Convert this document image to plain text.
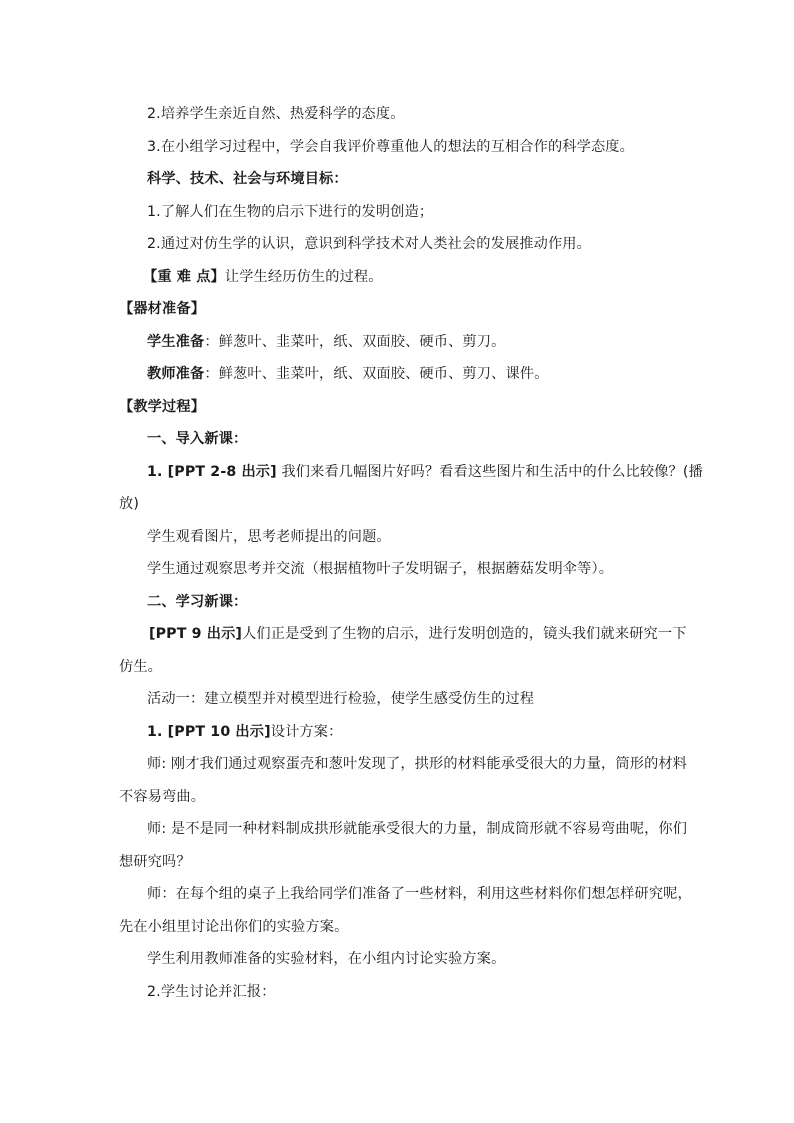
2.培养学生亲近自然、热爱科学的态度。
3.在小组学习过程中，学会自我评价尊重他人的想法的互相合作的科学态度。
科学、技术、社会与环境目标：
1.了解人们在生物的启示下进行的发明创造；
2.通过对仿生学的认识，意识到科学技术对人类社会的发展推动作用。
【重 难 点】让学生经历仿生的过程。
【器材准备】
学生准备：鲜葱叶、韭菜叶，纸、双面胶、硬币、剪刀。
教师准备：鲜葱叶、韭菜叶，纸、双面胶、硬币、剪刀、课件。
【教学过程】
一、导入新课：
1. [PPT 2-8 出示] 我们来看几幅图片好吗？看看这些图片和生活中的什么比较像？(播
放)
学生观看图片，思考老师提出的问题。
学生通过观察思考并交流（根据植物叶子发明锯子，根据蘑菇发明伞等）。
二、学习新课：
[PPT 9 出示]人们正是受到了生物的启示，进行发明创造的，镜头我们就来研究一下
仿生。
活动一：建立模型并对模型进行检验，使学生感受仿生的过程
1. [PPT 10 出示]设计方案：
师: 刚才我们通过观察蛋壳和葱叶发现了，拱形的材料能承受很大的力量，筒形的材料
不容易弯曲。
师: 是不是同一种材料制成拱形就能承受很大的力量，制成筒形就不容易弯曲呢，你们
想研究吗？
师：在每个组的桌子上我给同学们准备了一些材料，利用这些材料你们想怎样研究呢，
先在小组里讨论出你们的实验方案。
学生利用教师准备的实验材料，在小组内讨论实验方案。
2.学生讨论并汇报：
